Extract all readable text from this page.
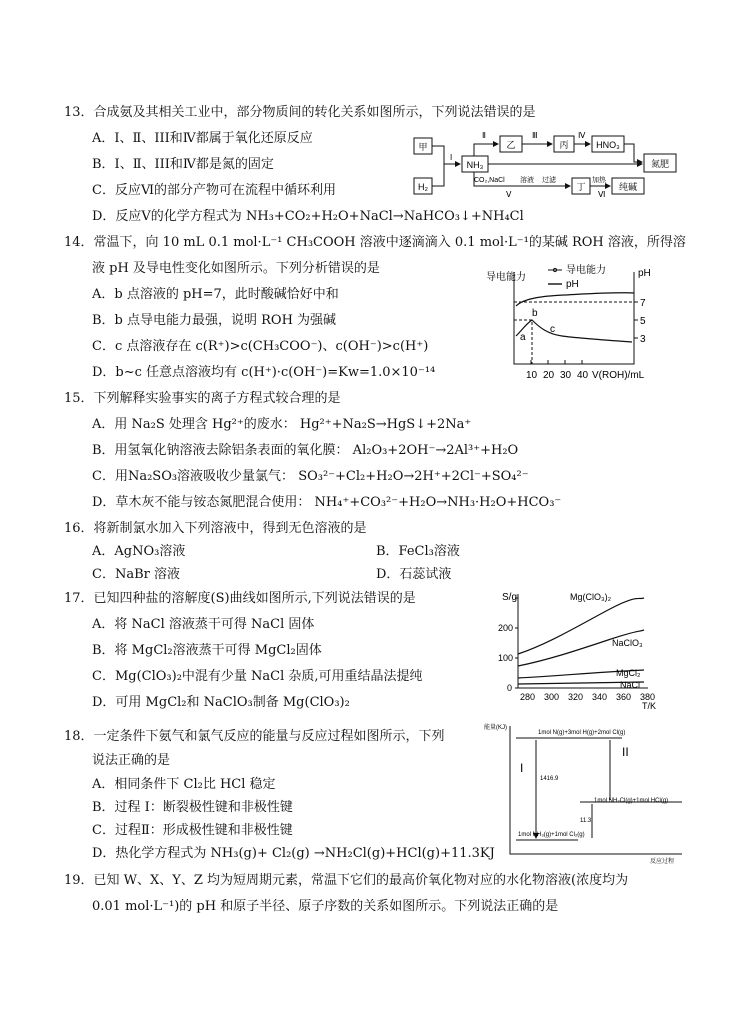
13．合成氨及其相关工业中，部分物质间的转化关系如图所示，下列说法错误的是
A．I、Ⅱ、III和Ⅳ都属于氧化还原反应
B．I、Ⅱ、III和Ⅳ都是氮的固定
C．反应Ⅵ的部分产物可在流程中循环利用
D．反应Ⅴ的化学方程式为 NH₃+CO₂+H₂O+NaCl→NaHCO₃↓+NH₄Cl
甲
H₂
NH₃
乙	丙	HNO₃
氮肥
丁	纯碱
I
Ⅱ	Ⅲ	Ⅳ
CO₂,NaCl 溶液
Ⅴ
过滤	加热
Ⅵ
14．常温下，向 10 mL 0.1 mol·L⁻¹ CH₃COOH 溶液中逐滴滴入 0.1 mol·L⁻¹的某碱 ROH 溶液，所得溶
液 pH 及导电性变化如图所示。下列分析错误的是
A．b 点溶液的 pH=7，此时酸碱恰好中和
B．b 点导电能力最强，说明 ROH 为强碱
C．c 点溶液存在 c(R⁺)>c(CH₃COO⁻)、c(OH⁻)>c(H⁺)
D．b~c 任意点溶液均有 c(H⁺)·c(OH⁻)=Kw=1.0×10⁻¹⁴
导电能力
导电能力
pH
pH
7
5
3
10 20 30 40 V(ROH)/mL
a
b
c
15．下列解释实验事实的离子方程式较合理的是
A．用 Na₂S 处理含 Hg²⁺的废水： Hg²⁺+Na₂S→HgS↓+2Na⁺
B．用氢氧化钠溶液去除铝条表面的氧化膜： Al₂O₃+2OH⁻→2Al³⁺+H₂O
C．用Na₂SO₃溶液吸收少量氯气： SO₃²⁻+Cl₂+H₂O→2H⁺+2Cl⁻+SO₄²⁻
D．草木灰不能与铵态氮肥混合使用： NH₄⁺+CO₃²⁻+H₂O→NH₃·H₂O+HCO₃⁻
16．将新制氯水加入下列溶液中，得到无色溶液的是
A．AgNO₃溶液	B．FeCl₃溶液
C．NaBr 溶液	D．石蕊试液
17．已知四种盐的溶解度(S)曲线如图所示,下列说法错误的是
A．将 NaCl 溶液蒸干可得 NaCl 固体
B．将 MgCl₂溶液蒸干可得 MgCl₂固体
C．Mg(ClO₃)₂中混有少量 NaCl 杂质,可用重结晶法提纯
D．可用 MgCl₂和 NaClO₃制备 Mg(ClO₃)₂
S/g
0
100
200
280 300 320 340 360 380
T/K
Mg(ClO₃)₂
NaClO₃
MgCl₂
NaCl
18．一定条件下氨气和氯气反应的能量与反应过程如图所示，下列
说法正确的是
A．相同条件下 Cl₂比 HCl 稳定
B．过程 I：断裂极性键和非极性键
C．过程Ⅱ：形成极性键和非极性键
D．热化学方程式为 NH₃(g)+ Cl₂(g) →NH₂Cl(g)+HCl(g)+11.3KJ
能量(KJ)
反应过程
1mol N(g)+3mol H(g)+2mol Cl(g)
1mol NH₂Cl(g)+1mol HCl(g)
1mol NH₃(g)+1mol Cl₂(g)
I
II
1416.9
11.3
19．已知 W、X、Y、Z 均为短周期元素，常温下它们的最高价氧化物对应的水化物溶液(浓度均为
0.01 mol·L⁻¹)的 pH 和原子半径、原子序数的关系如图所示。下列说法正确的是
